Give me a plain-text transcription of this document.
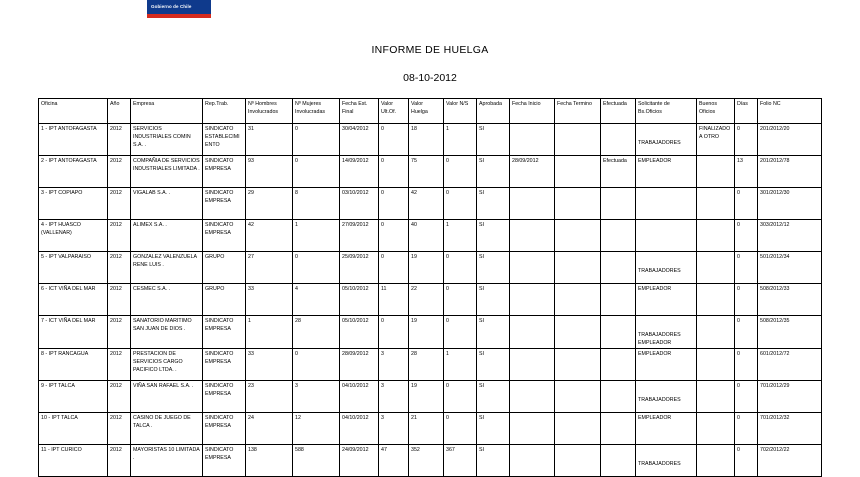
Gobierno de Chile
INFORME DE HUELGA
08-10-2012
Oficina	Año	Empresa	Rep.Trab.	Nº Hombres Involucrados	Nº Mujeres Involucradas	Fecha Est. Final	Valor Ult.Of.	Valor Huelga	Valor N/S	Aprobada	Fecha Inicio	Fecha Termino	Efectuada	Solicitante de Bs.Oficios	Buenos Oficios	Días	Folio NC
1 - IPT ANTOFAGASTA	2012	SERVICIOS INDUSTRIALES COMIN S.A. .	SINDICATO ESTABLECIMIENTO	31	0	30/04/2012	0	18	1	SI				TRABAJADORES	FINALIZADO A OTRO	0	201/2012/20
2 - IPT ANTOFAGASTA	2012	COMPAÑIA DE SERVICIOS INDUSTRIALES LIMITADA .	SINDICATO EMPRESA	93	0	14/09/2012	0	75	0	SI	28/09/2012		Efectuada	EMPLEADOR		13	201/2012/78
3 - IPT COPIAPO	2012	VIGALAB S.A. .	SINDICATO EMPRESA	29	8	03/10/2012	0	42	0	SI						0	301/2012/30
4 - IPT HUASCO (VALLENAR)	2012	ALIMEX S.A. .	SINDICATO EMPRESA	42	1	27/09/2012	0	40	1	SI						0	303/2012/12
5 - IPT VALPARAISO	2012	GONZALEZ VALENZUELA RENE LUIS .	GRUPO	27	0	25/09/2012	0	19	0	SI				TRABAJADORES		0	501/2012/34
6 - ICT VIÑA DEL MAR	2012	CESMEC S.A. .	GRUPO	33	4	05/10/2012	11	22	0	SI				EMPLEADOR		0	508/2012/33
7 - ICT VIÑA DEL MAR	2012	SANATORIO MARITIMO SAN JUAN DE DIOS .	SINDICATO EMPRESA	1	28	05/10/2012	0	19	0	SI				TRABAJADORES EMPLEADOR		0	508/2012/35
8 - IPT RANCAGUA	2012	PRESTACION DE SERVICIOS CARGO PACIFICO LTDA. .	SINDICATO EMPRESA	33	0	28/09/2012	3	28	1	SI				EMPLEADOR		0	601/2012/72
9 - IPT TALCA	2012	VIÑA SAN RAFAEL S.A. .	SINDICATO EMPRESA	23	3	04/10/2012	3	19	0	SI				TRABAJADORES		0	701/2012/29
10 - IPT TALCA	2012	CASINO DE JUEGO DE TALCA .	SINDICATO EMPRESA	24	12	04/10/2012	3	21	0	SI				EMPLEADOR		0	701/2012/32
11 - IPT CURICO	2012	MAYORISTAS 10 LIMITADA .	SINDICATO EMPRESA	138	588	24/09/2012	47	352	367	SI				TRABAJADORES		0	702/2012/22
